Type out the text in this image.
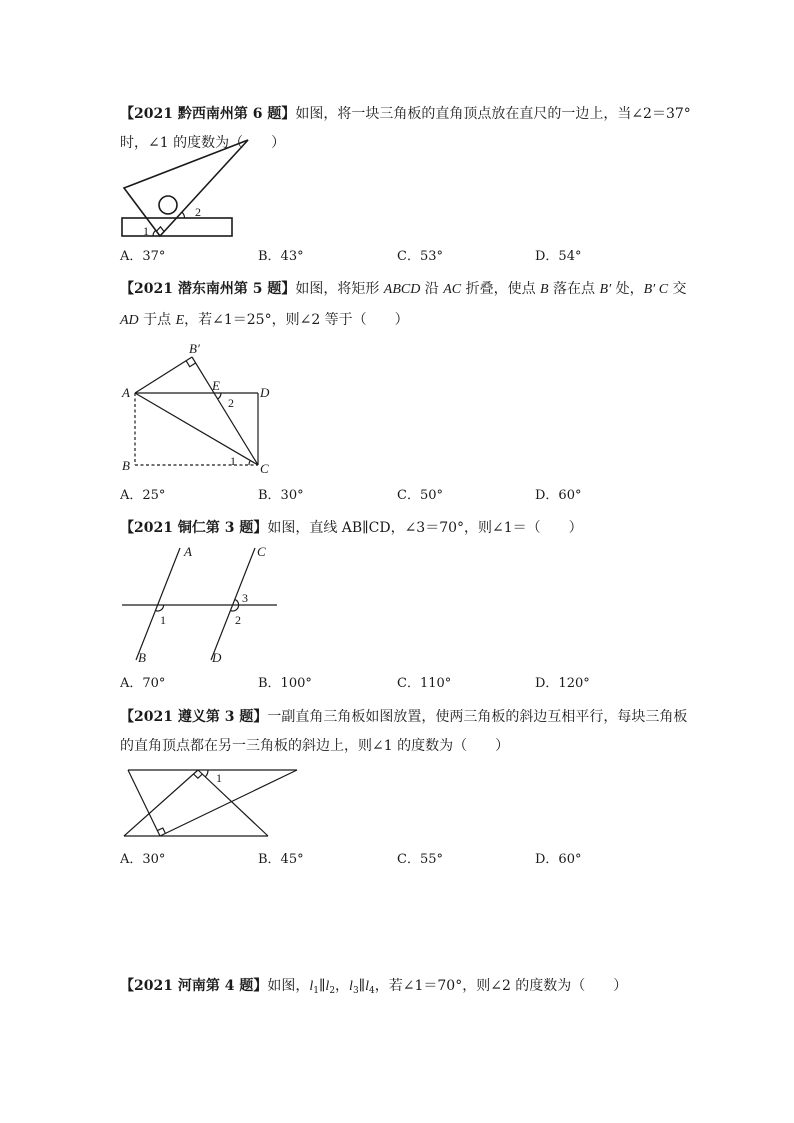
【2021 黔西南州第 6 题】如图，将一块三角板的直角顶点放在直尺的一边上，当∠2＝37°
时，∠1 的度数为（　　）
1
2
A．37°	B．43°	C．53°	D．54°
【2021 潜东南州第 5 题】如图，将矩形 ABCD 沿 AC 折叠，使点 B 落在点 B′ 处，B′ C 交
AD 于点 E，若∠1＝25°，则∠2 等于（　　）
B′
A	E	D
2
B	1 C
A．25°	B．30°	C．50°	D．60°
【2021 铜仁第 3 题】如图，直线 AB∥CD，∠3＝70°，则∠1＝（　　）
A	C
3
1	2
B	D
A．70°	B．100°	C．110°	D．120°
【2021 遵义第 3 题】一副直角三角板如图放置，使两三角板的斜边互相平行，每块三角板
的直角顶点都在另一三角板的斜边上，则∠1 的度数为（　　）
1
A．30°	B．45°	C．55°	D．60°
【2021 河南第 4 题】如图，$l_1\parallel l_2$，$l_3\parallel l_4$，若∠1＝70°，则∠2 的度数为（　　）
